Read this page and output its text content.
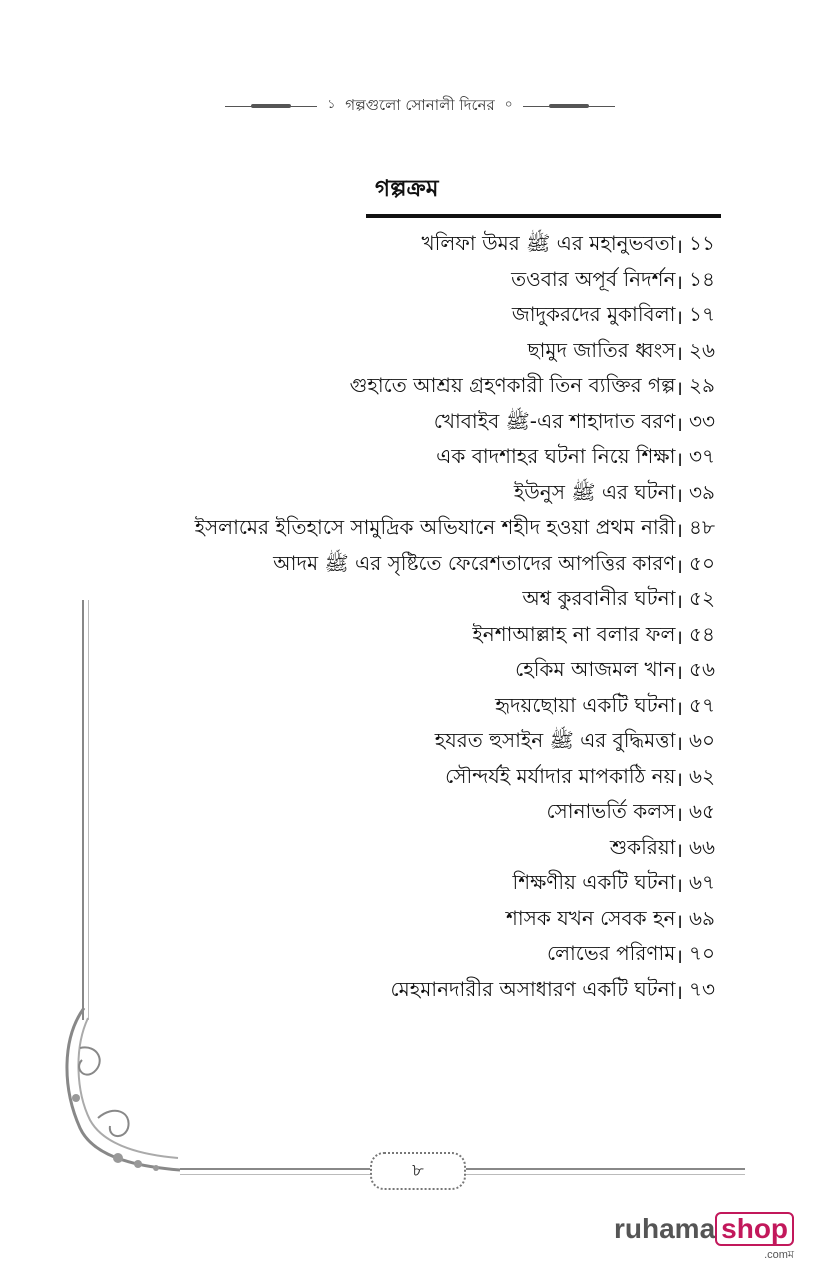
১ গল্পগুলো সোনালী দিনের ০
গল্পক্রম
খলিফা উমর ﷺ এর মহানুভবতা । ১১
তওবার অপূর্ব নিদর্শন । ১৪
জাদুকরদের মুকাবিলা । ১৭
ছামুদ জাতির ধ্বংস । ২৬
গুহাতে আশ্রয় গ্রহণকারী তিন ব্যক্তির গল্প । ২৯
খোবাইব ﷺ-এর শাহাদাত বরণ । ৩৩
এক বাদশাহর ঘটনা নিয়ে শিক্ষা । ৩৭
ইউনুস ﷺ এর ঘটনা । ৩৯
ইসলামের ইতিহাসে সামুদ্রিক অভিযানে শহীদ হওয়া প্রথম নারী । ৪৮
আদম ﷺ এর সৃষ্টিতে ফেরেশতাদের আপত্তির কারণ । ৫০
অশ্ব কুরবানীর ঘটনা । ৫২
ইনশাআল্লাহ না বলার ফল । ৫৪
হেকিম আজমল খান । ৫৬
হৃদয়ছোয়া একটি ঘটনা । ৫৭
হযরত হুসাইন ﷺ এর বুদ্ধিমত্তা । ৬০
সৌন্দর্যই মর্যাদার মাপকাঠি নয় । ৬২
সোনাভর্তি কলস । ৬৫
শুকরিয়া । ৬৬
শিক্ষণীয় একটি ঘটনা । ৬৭
শাসক যখন সেবক হন । ৬৯
লোভের পরিণাম । ৭০
মেহমানদারীর অসাধারণ একটি ঘটনা । ৭৩
৮
ruhama shop
.comম
